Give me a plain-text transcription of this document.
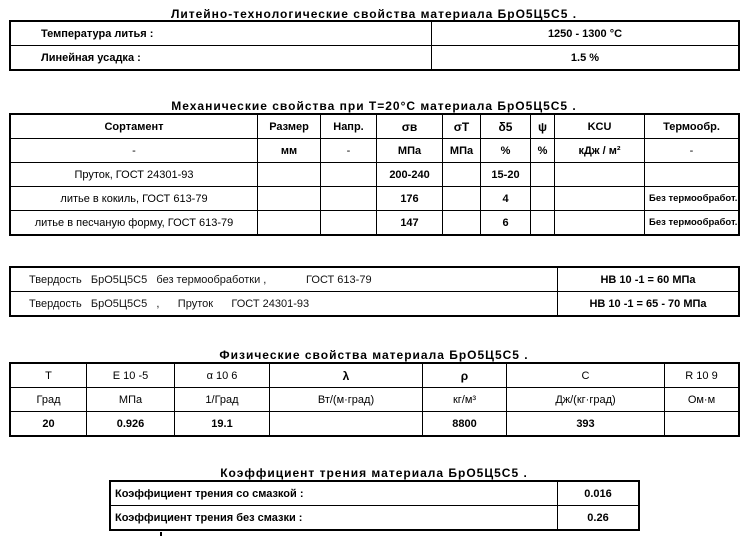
Литейно-технологические свойства материала БрО5Ц5С5 .
Температура литья :	1250 - 1300 °C
Линейная усадка :	1.5 %
Механические свойства при T=20°C материала БрО5Ц5С5 .
Сортамент	Размер	Напр.	σв	σT	δ5	ψ	KCU	Термообр.
-	мм	-	МПа	МПа	%	%	кДж / м²	-
Пруток, ГОСТ 24301-93			200-240		15-20			
литье в кокиль, ГОСТ 613-79			176		4			Без термообработ.
литье в песчаную форму, ГОСТ 613-79			147		6			Без термообработ.
Твердость   БрО5Ц5С5   без термообработки ,             ГОСТ 613-79	HB 10 -1 = 60 МПа
Твердость   БрО5Ц5С5   ,      Пруток      ГОСТ 24301-93	HB 10 -1 = 65 - 70 МПа
Физические свойства материала БрО5Ц5С5 .
T	E 10 -5	α 10 6	λ	ρ	C	R 10 9
Град	МПа	1/Град	Вт/(м·град)	кг/м³	Дж/(кг·град)	Ом·м
20	0.926	19.1		8800	393	
Коэффициент трения материала БрО5Ц5С5 .
Коэффициент трения со смазкой :	0.016
Коэффициент трения без смазки :	0.26
